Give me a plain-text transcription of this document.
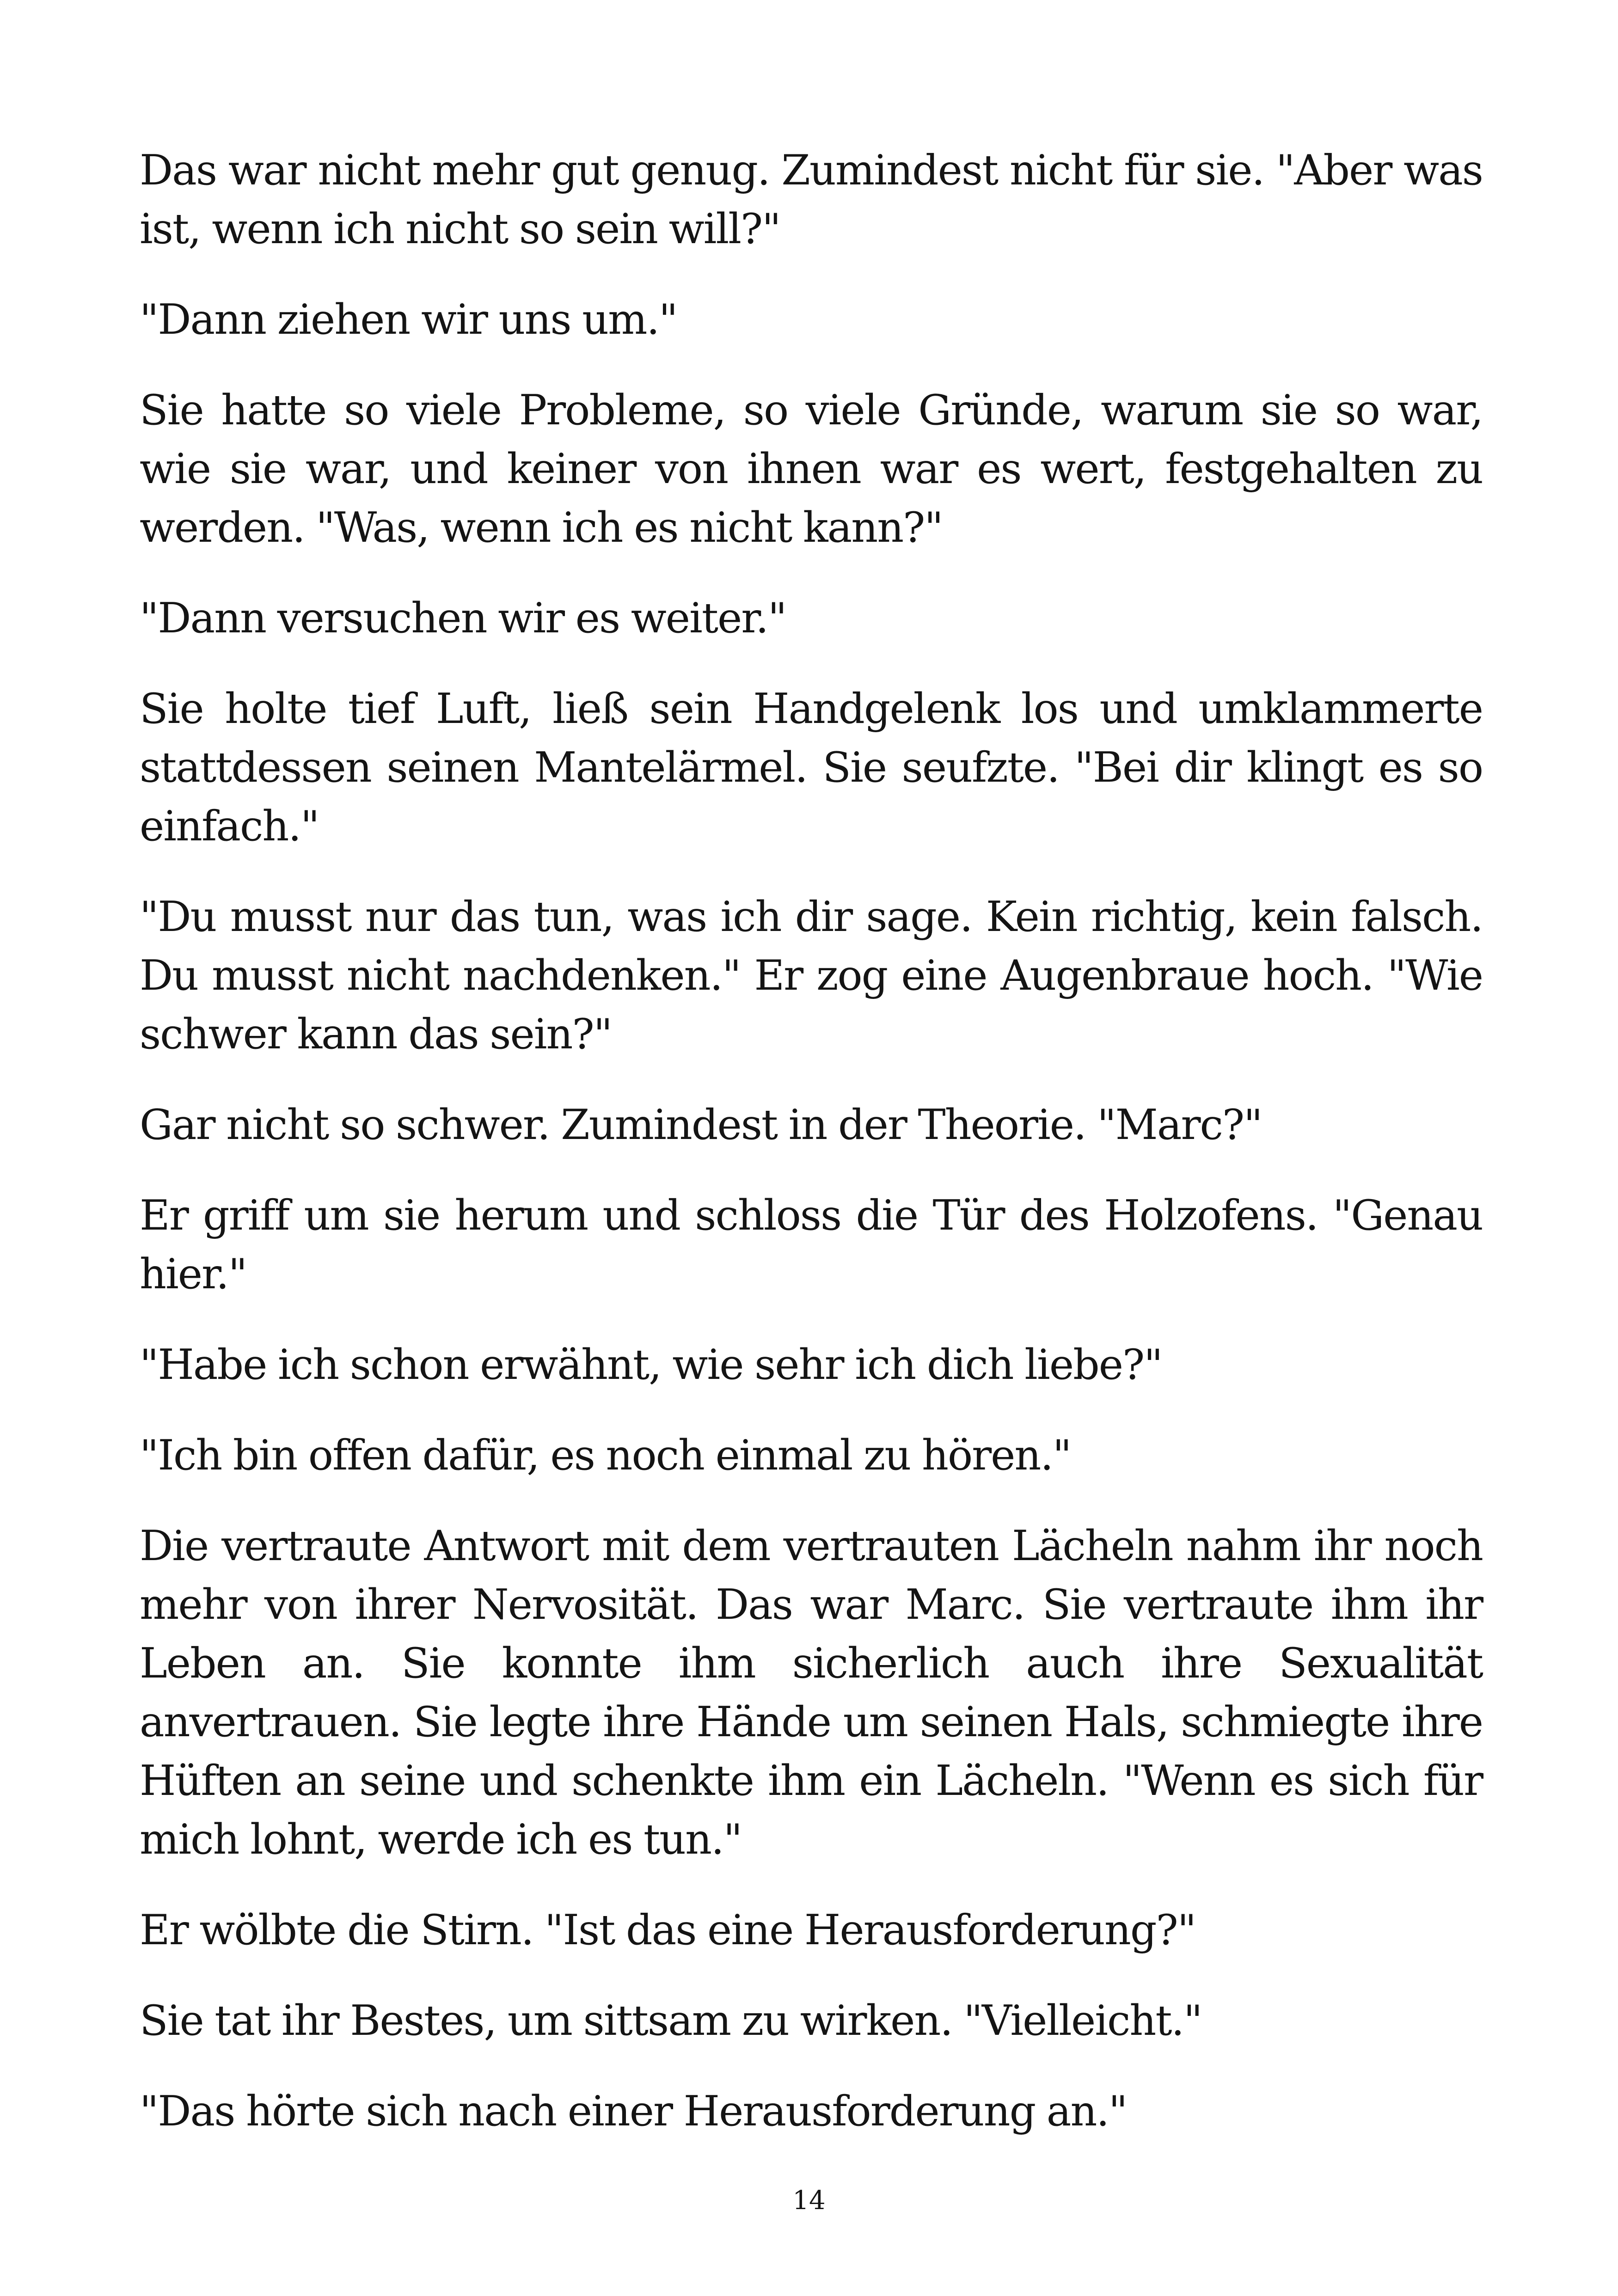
Das war nicht mehr gut genug. Zumindest nicht für sie. "Aber was ist, wenn ich nicht so sein will?"

"Dann ziehen wir uns um."

Sie hatte so viele Probleme, so viele Gründe, warum sie so war, wie sie war, und keiner von ihnen war es wert, festgehalten zu werden. "Was, wenn ich es nicht kann?"

"Dann versuchen wir es weiter."

Sie holte tief Luft, ließ sein Handgelenk los und umklammerte stattdessen seinen Mantelärmel. Sie seufzte. "Bei dir klingt es so einfach."

"Du musst nur das tun, was ich dir sage. Kein richtig, kein falsch. Du musst nicht nachdenken." Er zog eine Augenbraue hoch. "Wie schwer kann das sein?"

Gar nicht so schwer. Zumindest in der Theorie. "Marc?"

Er griff um sie herum und schloss die Tür des Holzofens. "Genau hier."

"Habe ich schon erwähnt, wie sehr ich dich liebe?"

"Ich bin offen dafür, es noch einmal zu hören."

Die vertraute Antwort mit dem vertrauten Lächeln nahm ihr noch mehr von ihrer Nervosität. Das war Marc. Sie vertraute ihm ihr Leben an. Sie konnte ihm sicherlich auch ihre Sexualität anvertrauen. Sie legte ihre Hände um seinen Hals, schmiegte ihre Hüften an seine und schenkte ihm ein Lächeln. "Wenn es sich für mich lohnt, werde ich es tun."

Er wölbte die Stirn. "Ist das eine Herausforderung?"

Sie tat ihr Bestes, um sittsam zu wirken. "Vielleicht."

"Das hörte sich nach einer Herausforderung an."

14
